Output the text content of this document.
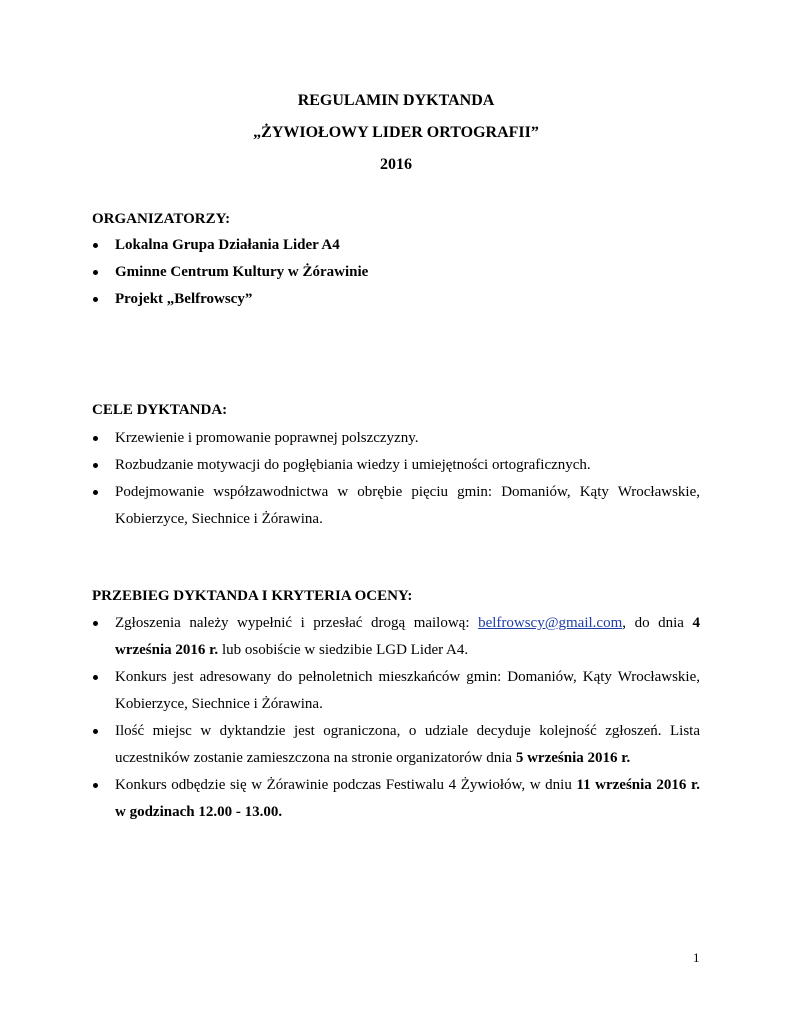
REGULAMIN DYKTANDA
„ŻYWIOŁOWY LIDER ORTOGRAFII”
2016
ORGANIZATORZY:
Lokalna Grupa Działania Lider A4
Gminne Centrum Kultury w Żórawinie
Projekt „Belfrowscy”
CELE DYKTANDA:
Krzewienie i promowanie poprawnej polszczyzny.
Rozbudzanie motywacji do pogłębiania wiedzy i umiejętności ortograficznych.
Podejmowanie współzawodnictwa w obrębie pięciu gmin: Domaniów, Kąty Wrocławskie, Kobierzyce, Siechnice i Żórawina.
PRZEBIEG DYKTANDA I KRYTERIA OCENY:
Zgłoszenia należy wypełnić i przesłać drogą mailową: belfrowscy@gmail.com, do dnia 4 września 2016 r. lub osobiście w siedzibie LGD Lider A4.
Konkurs jest adresowany do pełnoletnich mieszkańców gmin: Domaniów, Kąty Wrocławskie, Kobierzyce, Siechnice i Żórawina.
Ilość miejsc w dyktandzie jest ograniczona, o udziale decyduje kolejność zgłoszeń. Lista uczestników zostanie zamieszczona na stronie organizatorów dnia 5 września 2016 r.
Konkurs odbędzie się w Żórawinie podczas Festiwalu 4 Żywiołów, w dniu 11 września 2016 r. w godzinach 12.00 - 13.00.
1
